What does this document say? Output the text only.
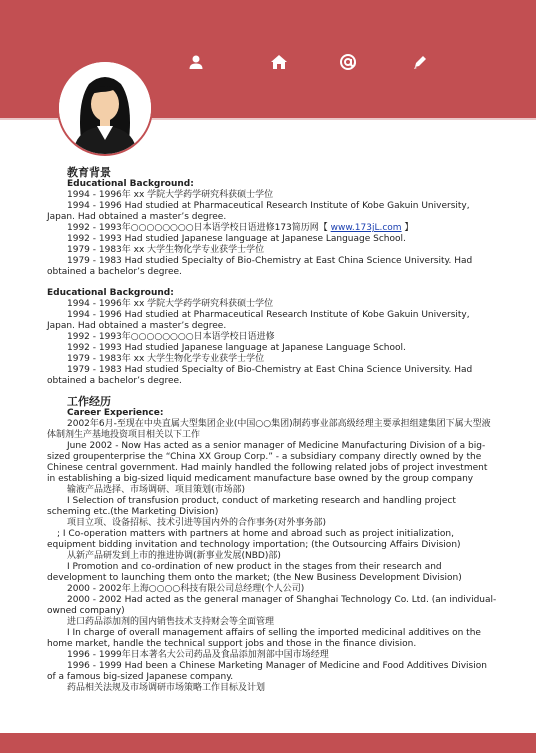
教育背景

Educational Background:

1994 - 1996年 xx 学院大学药学研究科获硕士学位

1994 - 1996 Had studied at Pharmaceutical Research Institute of Kobe Gakuin University, Japan. Had obtained a master’s degree.

1992 - 1993年○○○○○○○○日本语学校日语进修173简历网【 www.173jL.com 】

1992 - 1993 Had studied Japanese language at Japanese Language School.

1979 - 1983年 xx 大学生物化学专业获学士学位

1979 - 1983 Had studied Specialty of Bio-Chemistry at East China Science University. Had obtained a bachelor’s degree.

Educational Background:

1994 - 1996年 xx 学院大学药学研究科获硕士学位

1994 - 1996 Had studied at Pharmaceutical Research Institute of Kobe Gakuin University, Japan. Had obtained a master’s degree.

1992 - 1993年○○○○○○○○日本语学校日语进修

1992 - 1993 Had studied Japanese language at Japanese Language School.

1979 - 1983年 xx 大学生物化学专业获学士学位

1979 - 1983 Had studied Specialty of Bio-Chemistry at East China Science University. Had obtained a bachelor’s degree.

工作经历

Career Experience:

2002年6月-至现在中央直属大型集团企业(中国○○集团)制药事业部高级经理主要承担组建集团下属大型液体制剂生产基地投资项目相关以下工作

June 2002 - Now Has acted as a senior manager of Medicine Manufacturing Division of a big-sized groupenterprise the “China XX Group Corp.” - a subsidiary company directly owned by the Chinese central government. Had mainly handled the following related jobs of project investment in establishing a big-sized liquid medicament manufacture base owned by the group company

输液产品选择、市场调研、项目策划(市场部)

I Selection of transfusion product, conduct of marketing research and handling project scheming etc.(the Marketing Division)

项目立项、设备招标、技术引进等国内外的合作事务(对外事务部)

; I Co-operation matters with partners at home and abroad such as project initialization, equipment bidding invitation and technology importation; (the Outsourcing Affairs Division)

从新产品研发到上市的推进协调(新事业发展(NBD)部)

I Promotion and co-ordination of new product in the stages from their research and development to launching them onto the market; (the New Business Development Division)

2000 - 2002年上海○○○○科技有限公司总经理(个人公司)

2000 - 2002 Had acted as the general manager of Shanghai Technology Co. Ltd. (an individual-owned company)

进口药品添加剂的国内销售技术支持财会等全面管理

I In charge of overall management affairs of selling the imported medicinal additives on the home market, handle the technical support jobs and those in the finance division.

1996 - 1999年日本著名大公司药品及食品添加剂部中国市场经理

1996 - 1999 Had been a Chinese Marketing Manager of Medicine and Food Additives Division of a famous big-sized Japanese company.

药品相关法规及市场调研市场策略工作目标及计划
